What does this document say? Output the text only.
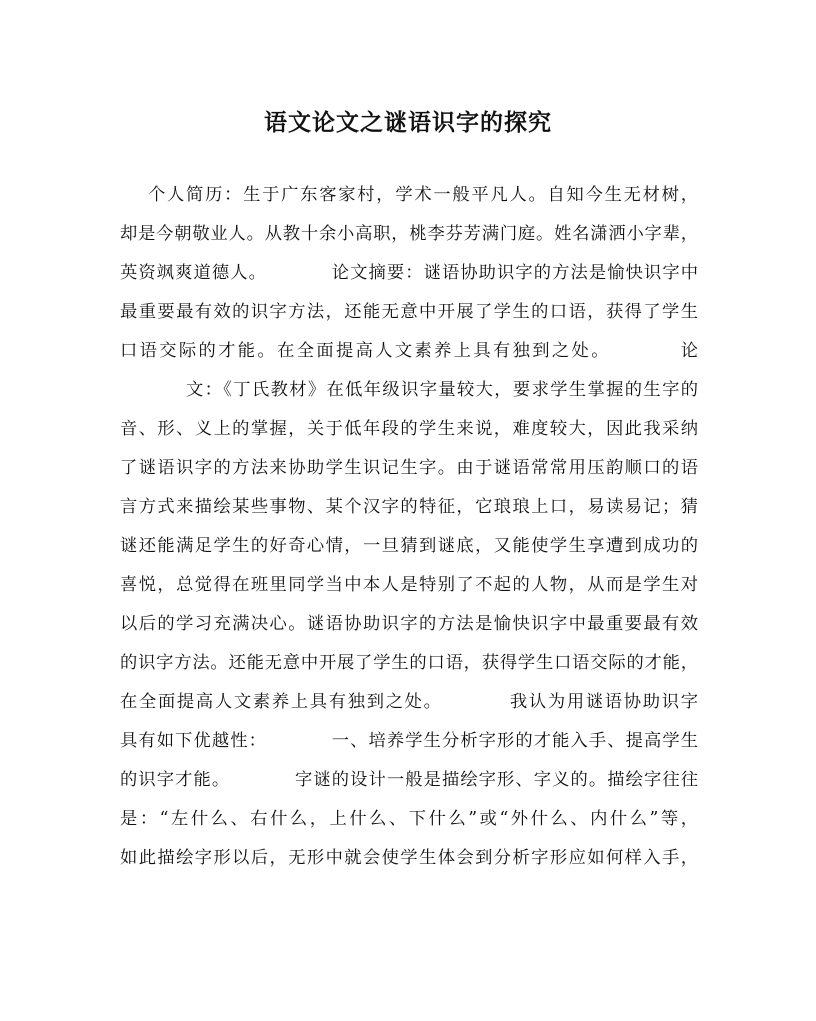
语文论文之谜语识字的探究
个人简历：生于广东客家村，学术一般平凡人。自知今生无材树，
却是今朝敬业人。从教十余小高职，桃李芬芳满门庭。姓名潇洒小字辈，
英资飒爽道德人。　　　　论文摘要：谜语协助识字的方法是愉快识字中
最重要最有效的识字方法，还能无意中开展了学生的口语，获得了学生
口语交际的才能。在全面提高人文素养上具有独到之处。　　　　论
文：《丁氏教材》在低年级识字量较大，要求学生掌握的生字的
音、形、义上的掌握，关于低年段的学生来说，难度较大，因此我采纳
了谜语识字的方法来协助学生识记生字。由于谜语常常用压韵顺口的语
言方式来描绘某些事物、某个汉字的特征，它琅琅上口，易读易记；猜
谜还能满足学生的好奇心情，一旦猜到谜底，又能使学生享遭到成功的
喜悦，总觉得在班里同学当中本人是特别了不起的人物，从而是学生对
以后的学习充满决心。谜语协助识字的方法是愉快识字中最重要最有效
的识字方法。还能无意中开展了学生的口语，获得学生口语交际的才能，
在全面提高人文素养上具有独到之处。　　　　我认为用谜语协助识字
具有如下优越性：　　　　一、培养学生分析字形的才能入手、提高学生
的识字才能。　　　　字谜的设计一般是描绘字形、字义的。描绘字往往
是：“左什么、右什么，上什么、下什么”或“外什么、内什么”等，
如此描绘字形以后，无形中就会使学生体会到分析字形应如何样入手，
